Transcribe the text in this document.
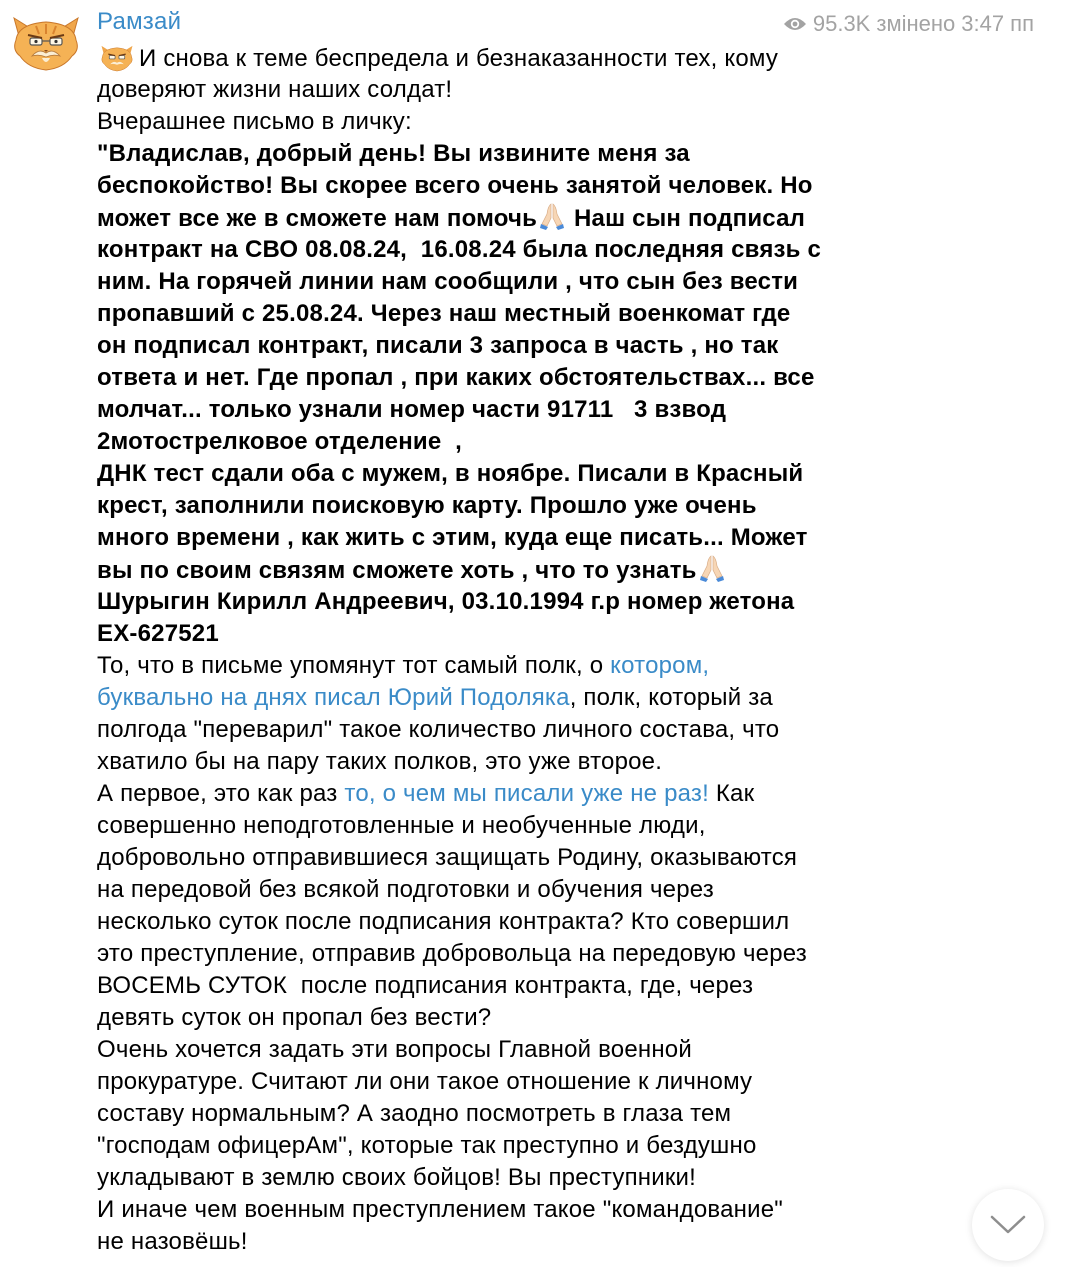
Рамзай	95.3K змінено 3:47 пп
И снова к теме беспредела и безнаказанности тех, кому
доверяют жизни наших солдат!
Вчерашнее письмо в личку:
"Владислав, добрый день! Вы извините меня за
беспокойство! Вы скорее всего очень занятой человек. Но
может все же в сможете нам помочь Наш сын подписал
контракт на СВО 08.08.24,  16.08.24 была последняя связь с
ним. На горячей линии нам сообщили , что сын без вести
пропавший с 25.08.24. Через наш местный военкомат где
он подписал контракт, писали 3 запроса в часть , но так
ответа и нет. Где пропал , при каких обстоятельствах... все
молчат... только узнали номер части 91711   3 взвод
2мотострелковое отделение  ,
ДНК тест сдали оба с мужем, в ноябре. Писали в Красный
крест, заполнили поисковую карту. Прошло уже очень
много времени , как жить с этим, куда еще писать... Может
вы по своим связям сможете хоть , что то узнать
Шурыгин Кирилл Андреевич, 03.10.1994 г.р номер жетона
ЕХ-627521
То, что в письме упомянут тот самый полк, о котором,
буквально на днях писал Юрий Подоляка, полк, который за
полгода "переварил" такое количество личного состава, что
хватило бы на пару таких полков, это уже второе.
А первое, это как раз то, о чем мы писали уже не раз! Как
совершенно неподготовленные и необученные люди,
добровольно отправившиеся защищать Родину, оказываются
на передовой без всякой подготовки и обучения через
несколько суток после подписания контракта? Кто совершил
это преступление, отправив добровольца на передовую через
ВОСЕМЬ СУТОК  после подписания контракта, где, через
девять суток он пропал без вести?
Очень хочется задать эти вопросы Главной военной
прокуратуре. Считают ли они такое отношение к личному
составу нормальным? А заодно посмотреть в глаза тем
"господам офицерАм", которые так преступно и бездушно
укладывают в землю своих бойцов! Вы преступники!
И иначе чем военным преступлением такое "командование"
не назовёшь!
